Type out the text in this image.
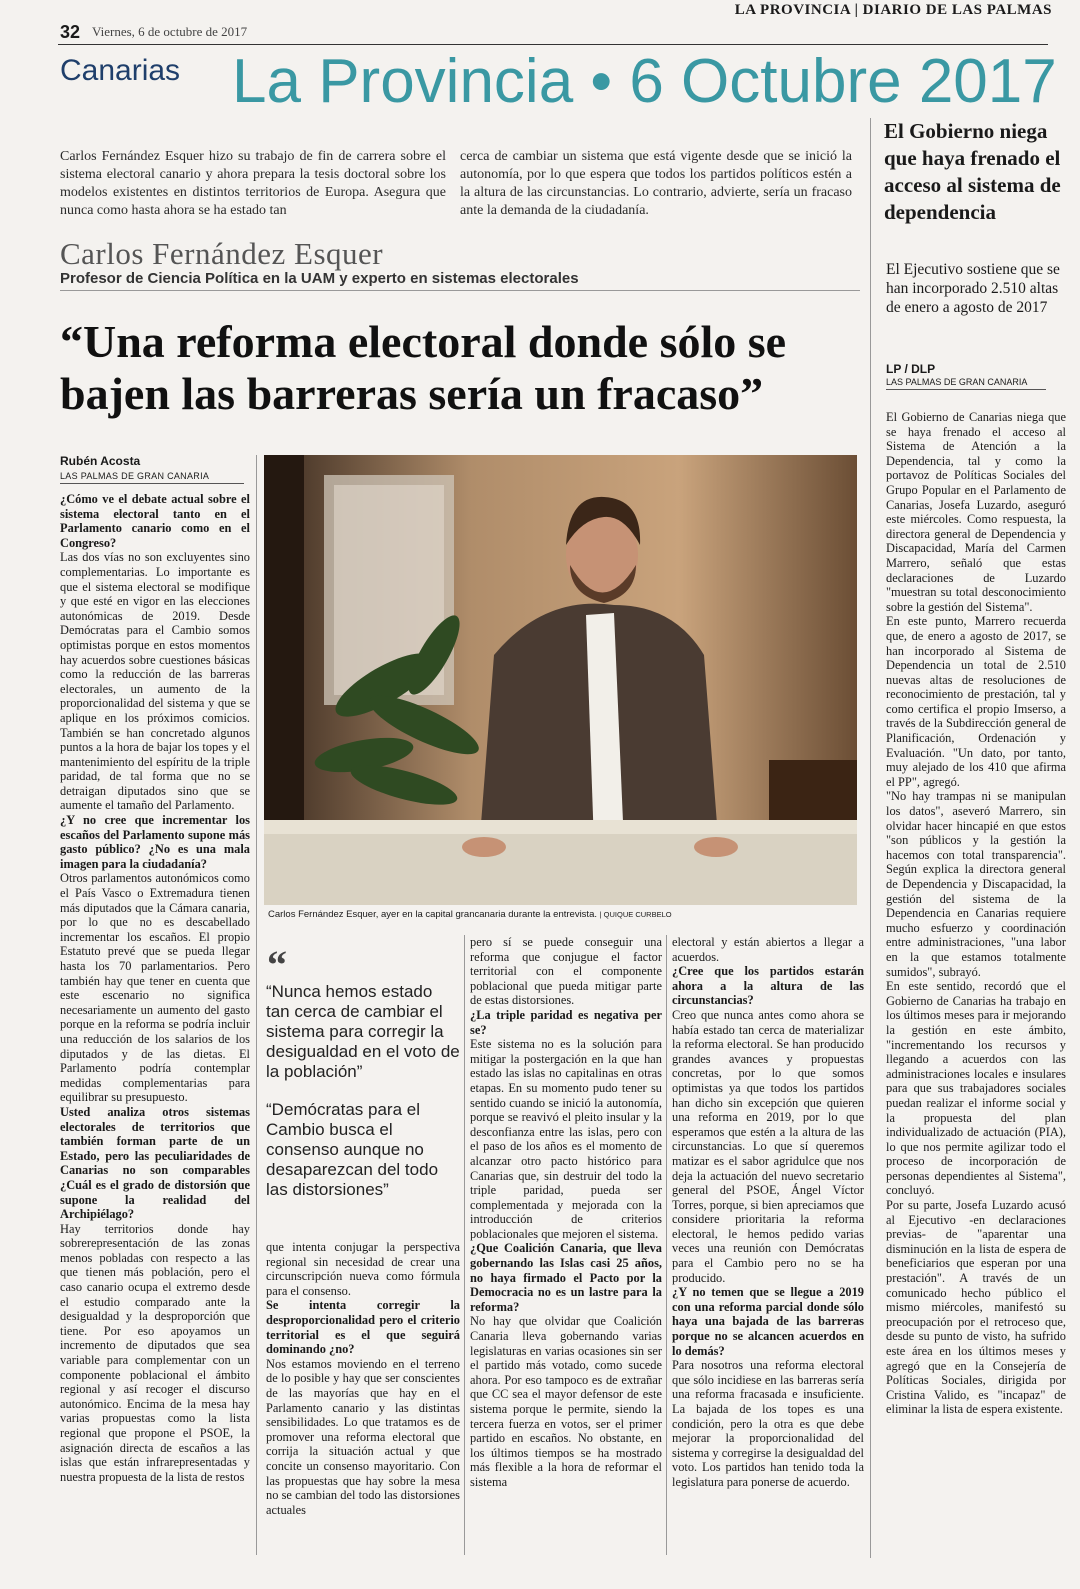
32 Viernes, 6 de octubre de 2017
LA PROVINCIA | DIARIO DE LAS PALMAS
Canarias La Provincia • 6 Octubre 2017
Carlos Fernández Esquer hizo su trabajo de fin de carrera sobre el sistema electoral canario y ahora prepara la tesis doctoral sobre los modelos existentes en distintos territorios de Europa. Asegura que nunca como hasta ahora se ha estado tan
cerca de cambiar un sistema que está vigente desde que se inició la autonomía, por lo que espera que todos los partidos políticos estén a la altura de las circunstancias. Lo contrario, advierte, sería un fracaso ante la demanda de la ciudadanía.
Carlos Fernández Esquer
Profesor de Ciencia Política en la UAM y experto en sistemas electorales
“Una reforma electoral donde sólo se bajen las barreras sería un fracaso”
Rubén Acosta
LAS PALMAS DE GRAN CANARIA

¿Cómo ve el debate actual sobre el sistema electoral tanto en el Parlamento canario como en el Congreso?

Las dos vías no son excluyentes sino complementarias. Lo importante es que el sistema electoral se modifique y que esté en vigor en las elecciones autonómicas de 2019. Desde Demócratas para el Cambio somos optimistas porque en estos momentos hay acuerdos sobre cuestiones básicas como la reducción de las barreras electorales, un aumento de la proporcionalidad del sistema y que se aplique en los próximos comicios. También se han concretado algunos puntos a la hora de bajar los topes y el mantenimiento del espíritu de la triple paridad, de tal forma que no se detraigan diputados sino que se aumente el tamaño del Parlamento.

¿Y no cree que incrementar los escaños del Parlamento supone más gasto público? ¿No es una mala imagen para la ciudadanía?

Otros parlamentos autonómicos como el País Vasco o Extremadura tienen más diputados que la Cámara canaria, por lo que no es descabellado incrementar los escaños. El propio Estatuto prevé que se pueda llegar hasta los 70 parlamentarios. Pero también hay que tener en cuenta que este escenario no significa necesariamente un aumento del gasto porque en la reforma se podría incluir una reducción de los salarios de los diputados y de las dietas. El Parlamento podría contemplar medidas complementarias para equilibrar su presupuesto.

Usted analiza otros sistemas electorales de territorios que también forman parte de un Estado, pero las peculiaridades de Canarias no son comparables ¿Cuál es el grado de distorsión que supone la realidad del Archipiélago?

Hay territorios donde hay sobrerepresentación de las zonas menos pobladas con respecto a las que tienen más población, pero el caso canario ocupa el extremo desde el estudio comparado ante la desigualdad y la desproporción que tiene. Por eso apoyamos un incremento de diputados que sea variable para complementar con un componente poblacional el ámbito regional y así recoger el discurso autonómico. Encima de la mesa hay varias propuestas como la lista regional que propone el PSOE, la asignación directa de escaños a las islas que están infrarepresentadas y nuestra propuesta de la lista de restos

Carlos Fernández Esquer, ayer en la capital grancanaria durante la entrevista. | QUIQUE CURBELO
“
“Nunca hemos estado tan cerca de cambiar el sistema para corregir la desigualdad en el voto de la población”
“Demócratas para el Cambio busca el consenso aunque no desaparezcan del todo las distorsiones”

que intenta conjugar la perspectiva regional sin necesidad de crear una circunscripción nueva como fórmula para el consenso.

Se intenta corregir la desproporcionalidad pero el criterio territorial es el que seguirá dominando ¿no?

Nos estamos moviendo en el terreno de lo posible y hay que ser conscientes de las mayorías que hay en el Parlamento canario y las distintas sensibilidades. Lo que tratamos es de promover una reforma electoral que corrija la situación actual y que concite un consenso mayoritario. Con las propuestas que hay sobre la mesa no se cambian del todo las distorsiones actuales

pero sí se puede conseguir una reforma que conjugue el factor territorial con el componente poblacional que pueda mitigar parte de estas distorsiones.

¿La triple paridad es negativa per se?

Este sistema no es la solución para mitigar la postergación en la que han estado las islas no capitalinas en otras etapas. En su momento pudo tener su sentido cuando se inició la autonomía, porque se reavivó el pleito insular y la desconfianza entre las islas, pero con el paso de los años es el momento de alcanzar otro pacto histórico para Canarias que, sin destruir del todo la triple paridad, pueda ser complementada y mejorada con la introducción de criterios poblacionales que mejoren el sistema.

¿Que Coalición Canaria, que lleva gobernando las Islas casi 25 años, no haya firmado el Pacto por la Democracia no es un lastre para la reforma?

No hay que olvidar que Coalición Canaria lleva gobernando varias legislaturas en varias ocasiones sin ser el partido más votado, como sucede ahora. Por eso tampoco es de extrañar que CC sea el mayor defensor de este sistema porque le permite, siendo la tercera fuerza en votos, ser el primer partido en escaños. No obstante, en los últimos tiempos se ha mostrado más flexible a la hora de reformar el sistema

electoral y están abiertos a llegar a acuerdos.

¿Cree que los partidos estarán ahora a la altura de las circunstancias?

Creo que nunca antes como ahora se había estado tan cerca de materializar la reforma electoral. Se han producido grandes avances y propuestas concretas, por lo que somos optimistas ya que todos los partidos han dicho sin excepción que quieren una reforma en 2019, por lo que esperamos que estén a la altura de las circunstancias. Lo que sí queremos matizar es el sabor agridulce que nos deja la actuación del nuevo secretario general del PSOE, Ángel Víctor Torres, porque, si bien apreciamos que considere prioritaria la reforma electoral, le hemos pedido varias veces una reunión con Demócratas para el Cambio pero no se ha producido.

¿Y no temen que se llegue a 2019 con una reforma parcial donde sólo haya una bajada de las barreras porque no se alcancen acuerdos en lo demás?

Para nosotros una reforma electoral que sólo incidiese en las barreras sería una reforma fracasada e insuficiente. La bajada de los topes es una condición, pero la otra es que debe mejorar la proporcionalidad del sistema y corregirse la desigualdad del voto. Los partidos han tenido toda la legislatura para ponerse de acuerdo.

El Gobierno niega que haya frenado el acceso al sistema de dependencia
El Ejecutivo sostiene que se han incorporado 2.510 altas de enero a agosto de 2017
LP / DLP
LAS PALMAS DE GRAN CANARIA

El Gobierno de Canarias niega que se haya frenado el acceso al Sistema de Atención a la Dependencia, tal y como la portavoz de Políticas Sociales del Grupo Popular en el Parlamento de Canarias, Josefa Luzardo, aseguró este miércoles. Como respuesta, la directora general de Dependencia y Discapacidad, María del Carmen Marrero, señaló que estas declaraciones de Luzardo "muestran su total desconocimiento sobre la gestión del Sistema".

En este punto, Marrero recuerda que, de enero a agosto de 2017, se han incorporado al Sistema de Dependencia un total de 2.510 nuevas altas de resoluciones de reconocimiento de prestación, tal y como certifica el propio Imserso, a través de la Subdirección general de Planificación, Ordenación y Evaluación. "Un dato, por tanto, muy alejado de los 410 que afirma el PP", agregó.

"No hay trampas ni se manipulan los datos", aseveró Marrero, sin olvidar hacer hincapié en que estos "son públicos y la gestión la hacemos con total transparencia". Según explica la directora general de Dependencia y Discapacidad, la gestión del sistema de la Dependencia en Canarias requiere mucho esfuerzo y coordinación entre administraciones, "una labor en la que estamos totalmente sumidos", subrayó.

En este sentido, recordó que el Gobierno de Canarias ha trabajo en los últimos meses para ir mejorando la gestión en este ámbito, "incrementando los recursos y llegando a acuerdos con las administraciones locales e insulares para que sus trabajadores sociales puedan realizar el informe social y la propuesta del plan individualizado de actuación (PIA), lo que nos permite agilizar todo el proceso de incorporación de personas dependientes al Sistema", concluyó.

Por su parte, Josefa Luzardo acusó al Ejecutivo -en declaraciones previas- de "aparentar una disminución en la lista de espera de beneficiarios que esperan por una prestación". A través de un comunicado hecho público el mismo miércoles, manifestó su preocupación por el retroceso que, desde su punto de visto, ha sufrido este área en los últimos meses y agregó que en la Consejería de Políticas Sociales, dirigida por Cristina Valido, es "incapaz" de eliminar la lista de espera existente.
